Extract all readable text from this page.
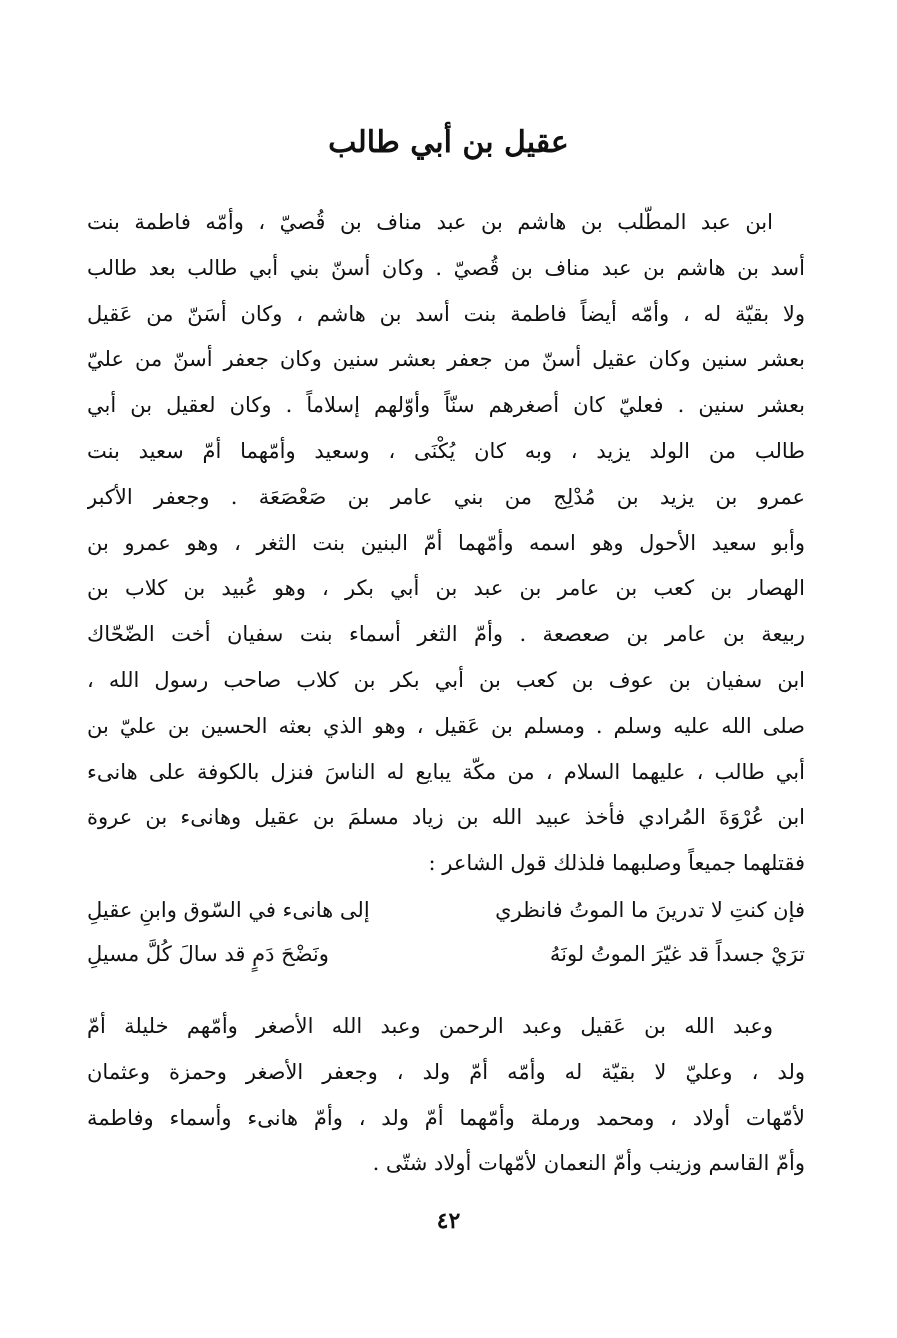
عقيل بن أبي طالب
ابن عبد المطّلب بن هاشم بن عبد مناف بن قُصيّ ، وأمّه فاطمة بنت
أسد بن هاشم بن عبد مناف بن قُصيّ . وكان أسنّ بني أبي طالب بعد طالب
ولا بقيّة له ، وأمّه أيضاً فاطمة بنت أسد بن هاشم ، وكان أسَنّ من عَقيل
بعشر سنين وكان عقيل أسنّ من جعفر بعشر سنين وكان جعفر أسنّ من عليّ
بعشر سنين . فعليّ كان أصغرهم سنّاً وأوّلهم إسلاماً . وكان لعقيل بن أبي
طالب من الولد يزيد ، وبه كان يُكْنَى ، وسعيد وأمّهما أمّ سعيد بنت
عمرو بن يزيد بن مُدْلِج من بني عامر بن صَعْصَعَة . وجعفر الأكبر
وأبو سعيد الأحول وهو اسمه وأمّهما أمّ البنين بنت الثغر ، وهو عمرو بن
الهصار بن كعب بن عامر بن عبد بن أبي بكر ، وهو عُبيد بن كلاب بن
ربيعة بن عامر بن صعصعة . وأمّ الثغر أسماء بنت سفيان أخت الضّحّاك
ابن سفيان بن عوف بن كعب بن أبي بكر بن كلاب صاحب رسول الله ،
صلى الله عليه وسلم . ومسلم بن عَقيل ، وهو الذي بعثه الحسين بن عليّ بن
أبي طالب ، عليهما السلام ، من مكّة يبايع له الناسَ فنزل بالكوفة على هانىء
ابن عُرْوَةَ المُرادي فأخذ عبيد الله بن زياد مسلمَ بن عقيل وهانىء بن عروة
فقتلهما جميعاً وصلبهما فلذلك قول الشاعر :
فإن كنتِ لا تدرينَ ما الموتُ فانظري
إلى هانىء في السّوق وابنِ عقيلِ
ترَيْ جسداً قد غيّرَ الموتُ لونَهُ
ونَضْحَ دَمٍ قد سالَ كُلَّ مسيلِ
وعبد الله بن عَقيل وعبد الرحمن وعبد الله الأصغر وأمّهم خليلة أمّ
ولد ، وعليّ لا بقيّة له وأمّه أمّ ولد ، وجعفر الأصغر وحمزة وعثمان
لأمّهات أولاد ، ومحمد ورملة وأمّهما أمّ ولد ، وأمّ هانىء وأسماء وفاطمة
وأمّ القاسم وزينب وأمّ النعمان لأمّهات أولاد شتّى .
٤٢
